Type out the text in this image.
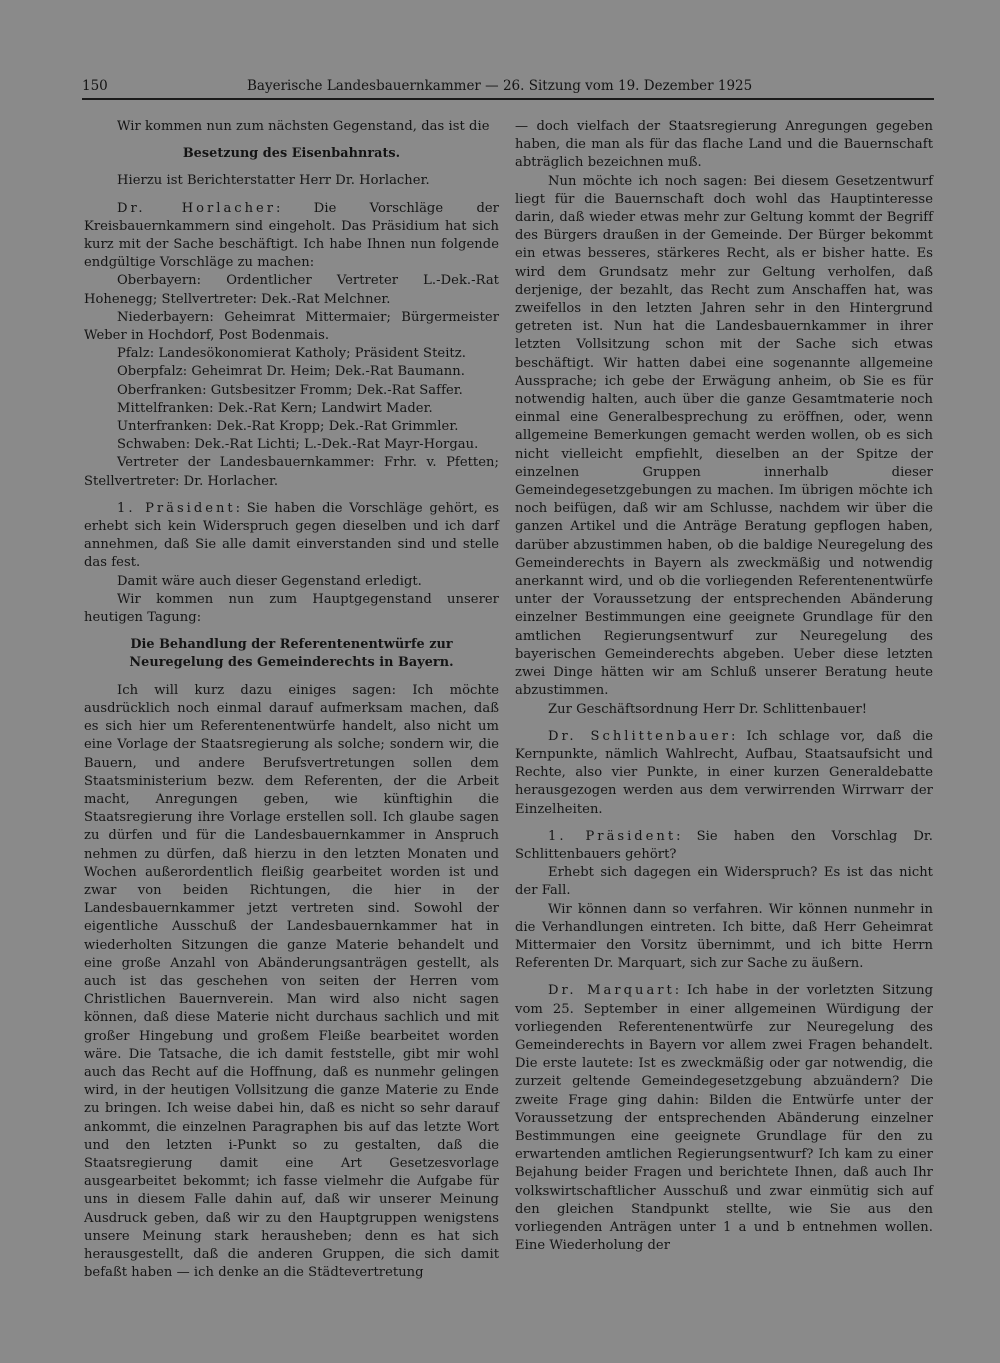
150	Bayerische Landesbauernkammer — 26. Sitzung vom 19. Dezember 1925

Wir kommen nun zum nächsten Gegenstand, das ist die

Besetzung des Eisenbahnrats.

Hierzu ist Berichterstatter Herr Dr. Horlacher.

Dr. Horlacher: Die Vorschläge der Kreisbauernkammern sind eingeholt. Das Präsidium hat sich kurz mit der Sache beschäftigt. Ich habe Ihnen nun folgende endgültige Vorschläge zu machen:

Oberbayern: Ordentlicher Vertreter L.-Dek.-Rat Hohenegg; Stellvertreter: Dek.-Rat Melchner.

Niederbayern: Geheimrat Mittermaier; Bürgermeister Weber in Hochdorf, Post Bodenmais.

Pfalz: Landesökonomierat Katholy; Präsident Steitz.

Oberpfalz: Geheimrat Dr. Heim; Dek.-Rat Baumann.

Oberfranken: Gutsbesitzer Fromm; Dek.-Rat Saffer.

Mittelfranken: Dek.-Rat Kern; Landwirt Mader.

Unterfranken: Dek.-Rat Kropp; Dek.-Rat Grimmler.

Schwaben: Dek.-Rat Lichti; L.-Dek.-Rat Mayr-Horgau.

Vertreter der Landesbauernkammer: Frhr. v. Pfetten; Stellvertreter: Dr. Horlacher.

1. Präsident: Sie haben die Vorschläge gehört, es erhebt sich kein Widerspruch gegen dieselben und ich darf annehmen, daß Sie alle damit einverstanden sind und stelle das fest.

Damit wäre auch dieser Gegenstand erledigt.

Wir kommen nun zum Hauptgegenstand unserer heutigen Tagung:

Die Behandlung der Referentenentwürfe zur Neuregelung des Gemeinderechts in Bayern.

Ich will kurz dazu einiges sagen: Ich möchte ausdrücklich noch einmal darauf aufmerksam machen, daß es sich hier um Referentenentwürfe handelt, also nicht um eine Vorlage der Staatsregierung als solche; sondern wir, die Bauern, und andere Berufsvertretungen sollen dem Staatsministerium bezw. dem Referenten, der die Arbeit macht, Anregungen geben, wie künftighin die Staatsregierung ihre Vorlage erstellen soll. Ich glaube sagen zu dürfen und für die Landesbauernkammer in Anspruch nehmen zu dürfen, daß hierzu in den letzten Monaten und Wochen außerordentlich fleißig gearbeitet worden ist und zwar von beiden Richtungen, die hier in der Landesbauernkammer jetzt vertreten sind. Sowohl der eigentliche Ausschuß der Landesbauernkammer hat in wiederholten Sitzungen die ganze Materie behandelt und eine große Anzahl von Abänderungsanträgen gestellt, als auch ist das geschehen von seiten der Herren vom Christlichen Bauernverein. Man wird also nicht sagen können, daß diese Materie nicht durchaus sachlich und mit großer Hingebung und großem Fleiße bearbeitet worden wäre. Die Tatsache, die ich damit feststelle, gibt mir wohl auch das Recht auf die Hoffnung, daß es nunmehr gelingen wird, in der heutigen Vollsitzung die ganze Materie zu Ende zu bringen. Ich weise dabei hin, daß es nicht so sehr darauf ankommt, die einzelnen Paragraphen bis auf das letzte Wort und den letzten i-Punkt so zu gestalten, daß die Staatsregierung damit eine Art Gesetzesvorlage ausgearbeitet bekommt; ich fasse vielmehr die Aufgabe für uns in diesem Falle dahin auf, daß wir unserer Meinung Ausdruck geben, daß wir zu den Hauptgruppen wenigstens unsere Meinung stark herausheben; denn es hat sich herausgestellt, daß die anderen Gruppen, die sich damit befaßt haben — ich denke an die Städtevertretung

— doch vielfach der Staatsregierung Anregungen gegeben haben, die man als für das flache Land und die Bauernschaft abträglich bezeichnen muß.

Nun möchte ich noch sagen: Bei diesem Gesetzentwurf liegt für die Bauernschaft doch wohl das Hauptinteresse darin, daß wieder etwas mehr zur Geltung kommt der Begriff des Bürgers draußen in der Gemeinde. Der Bürger bekommt ein etwas besseres, stärkeres Recht, als er bisher hatte. Es wird dem Grundsatz mehr zur Geltung verholfen, daß derjenige, der bezahlt, das Recht zum Anschaffen hat, was zweifellos in den letzten Jahren sehr in den Hintergrund getreten ist. Nun hat die Landesbauernkammer in ihrer letzten Vollsitzung schon mit der Sache sich etwas beschäftigt. Wir hatten dabei eine sogenannte allgemeine Aussprache; ich gebe der Erwägung anheim, ob Sie es für notwendig halten, auch über die ganze Gesamtmaterie noch einmal eine Generalbesprechung zu eröffnen, oder, wenn allgemeine Bemerkungen gemacht werden wollen, ob es sich nicht vielleicht empfiehlt, dieselben an der Spitze der einzelnen Gruppen innerhalb dieser Gemeindegesetzgebungen zu machen. Im übrigen möchte ich noch beifügen, daß wir am Schlusse, nachdem wir über die ganzen Artikel und die Anträge Beratung gepflogen haben, darüber abzustimmen haben, ob die baldige Neuregelung des Gemeinderechts in Bayern als zweckmäßig und notwendig anerkannt wird, und ob die vorliegenden Referentenentwürfe unter der Voraussetzung der entsprechenden Abänderung einzelner Bestimmungen eine geeignete Grundlage für den amtlichen Regierungsentwurf zur Neuregelung des bayerischen Gemeinderechts abgeben. Ueber diese letzten zwei Dinge hätten wir am Schluß unserer Beratung heute abzustimmen.

Zur Geschäftsordnung Herr Dr. Schlittenbauer!

Dr. Schlittenbauer: Ich schlage vor, daß die Kernpunkte, nämlich Wahlrecht, Aufbau, Staatsaufsicht und Rechte, also vier Punkte, in einer kurzen Generaldebatte herausgezogen werden aus dem verwirrenden Wirrwarr der Einzelheiten.

1. Präsident: Sie haben den Vorschlag Dr. Schlittenbauers gehört?

Erhebt sich dagegen ein Widerspruch? Es ist das nicht der Fall.

Wir können dann so verfahren. Wir können nunmehr in die Verhandlungen eintreten. Ich bitte, daß Herr Geheimrat Mittermaier den Vorsitz übernimmt, und ich bitte Herrn Referenten Dr. Marquart, sich zur Sache zu äußern.

Dr. Marquart: Ich habe in der vorletzten Sitzung vom 25. September in einer allgemeinen Würdigung der vorliegenden Referentenentwürfe zur Neuregelung des Gemeinderechts in Bayern vor allem zwei Fragen behandelt. Die erste lautete: Ist es zweckmäßig oder gar notwendig, die zurzeit geltende Gemeindegesetzgebung abzuändern? Die zweite Frage ging dahin: Bilden die Entwürfe unter der Voraussetzung der entsprechenden Abänderung einzelner Bestimmungen eine geeignete Grundlage für den zu erwartenden amtlichen Regierungsentwurf? Ich kam zu einer Bejahung beider Fragen und berichtete Ihnen, daß auch Ihr volkswirtschaftlicher Ausschuß und zwar einmütig sich auf den gleichen Standpunkt stellte, wie Sie aus den vorliegenden Anträgen unter 1 a und b entnehmen wollen. Eine Wiederholung der
